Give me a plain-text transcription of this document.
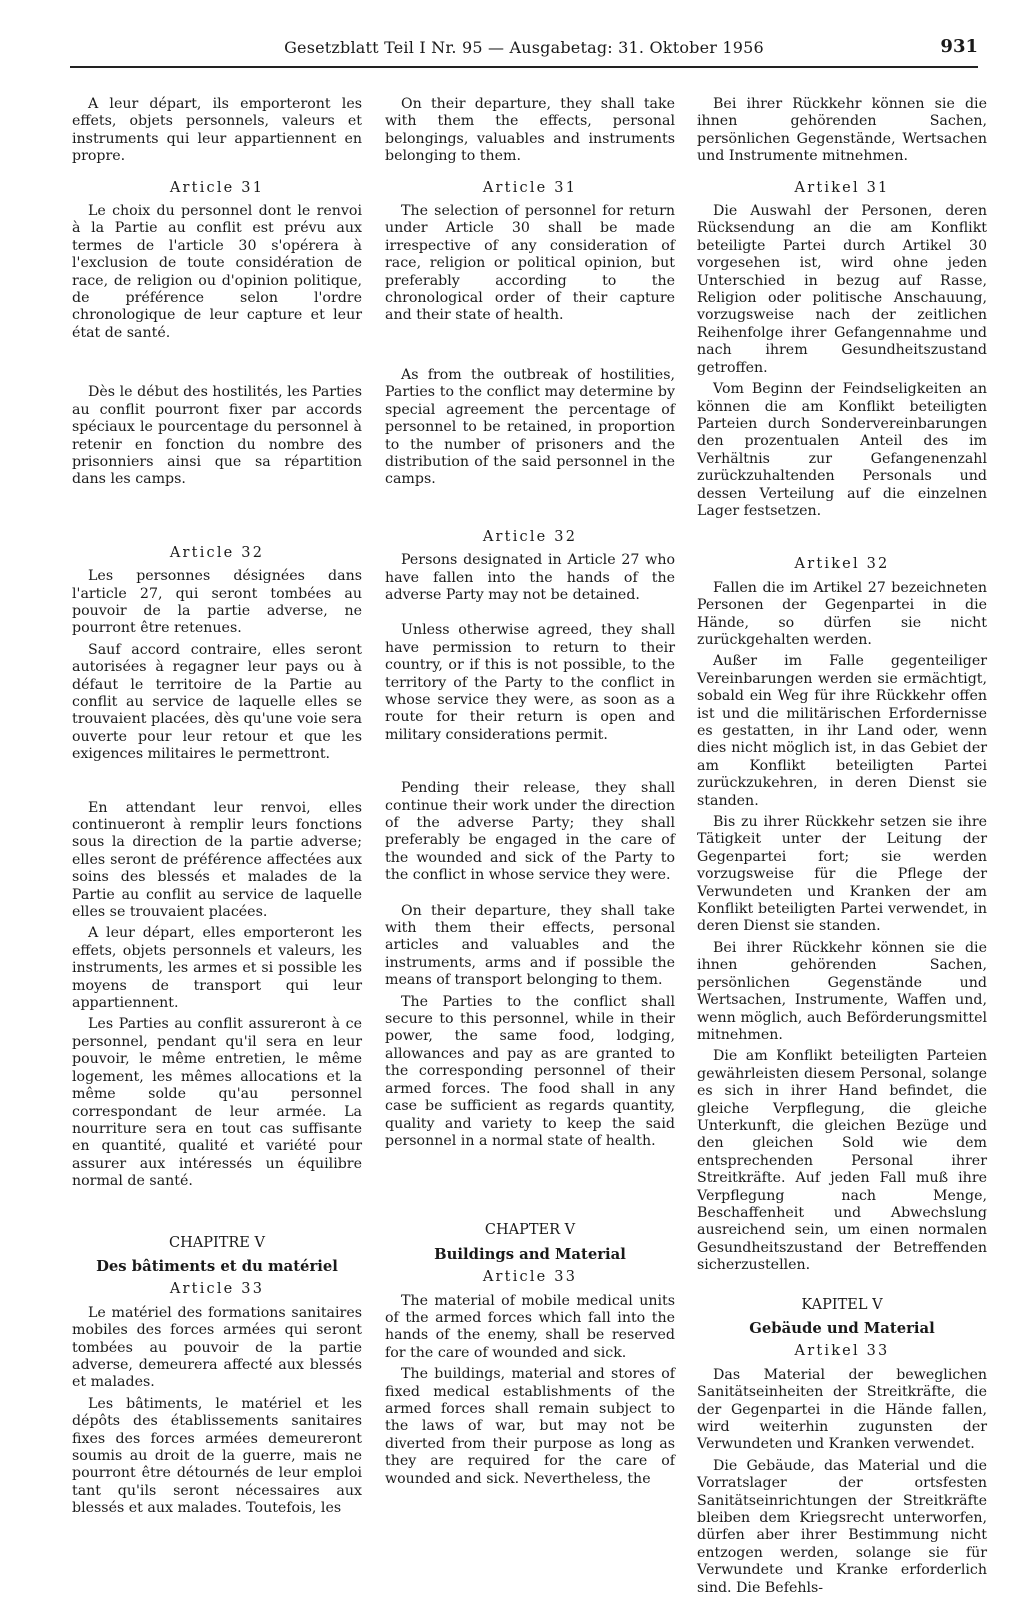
Gesetzblatt Teil I Nr. 95 — Ausgabetag: 31. Oktober 1956	931

A leur départ, ils emporteront les effets, objets personnels, valeurs et instruments qui leur appartiennent en propre.

Article 31

Le choix du personnel dont le renvoi à la Partie au conflit est prévu aux termes de l'article 30 s'opérera à l'exclusion de toute considération de race, de religion ou d'opinion politique, de préférence selon l'ordre chronologique de leur capture et leur état de santé.

Dès le début des hostilités, les Parties au conflit pourront fixer par accords spéciaux le pourcentage du personnel à retenir en fonction du nombre des prisonniers ainsi que sa répartition dans les camps.

Article 32

Les personnes désignées dans l'article 27, qui seront tombées au pouvoir de la partie adverse, ne pourront être retenues.

Sauf accord contraire, elles seront autorisées à regagner leur pays ou à défaut le territoire de la Partie au conflit au service de laquelle elles se trouvaient placées, dès qu'une voie sera ouverte pour leur retour et que les exigences militaires le permettront.

En attendant leur renvoi, elles continueront à remplir leurs fonctions sous la direction de la partie adverse; elles seront de préférence affectées aux soins des blessés et malades de la Partie au conflit au service de laquelle elles se trouvaient placées.

A leur départ, elles emporteront les effets, objets personnels et valeurs, les instruments, les armes et si possible les moyens de transport qui leur appartiennent.

Les Parties au conflit assureront à ce personnel, pendant qu'il sera en leur pouvoir, le même entretien, le même logement, les mêmes allocations et la même solde qu'au personnel correspondant de leur armée. La nourriture sera en tout cas suffisante en quantité, qualité et variété pour assurer aux intéressés un équilibre normal de santé.

CHAPITRE V
Des bâtiments et du matériel
Article 33

Le matériel des formations sanitaires mobiles des forces armées qui seront tombées au pouvoir de la partie adverse, demeurera affecté aux blessés et malades.

Les bâtiments, le matériel et les dépôts des établissements sanitaires fixes des forces armées demeureront soumis au droit de la guerre, mais ne pourront être détournés de leur emploi tant qu'ils seront nécessaires aux blessés et aux malades. Toutefois, les

On their departure, they shall take with them the effects, personal belongings, valuables and instruments belonging to them.

Article 31

The selection of personnel for return under Article 30 shall be made irrespective of any consideration of race, religion or political opinion, but preferably according to the chronological order of their capture and their state of health.

As from the outbreak of hostilities, Parties to the conflict may determine by special agreement the percentage of personnel to be retained, in proportion to the number of prisoners and the distribution of the said personnel in the camps.

Article 32

Persons designated in Article 27 who have fallen into the hands of the adverse Party may not be detained.

Unless otherwise agreed, they shall have permission to return to their country, or if this is not possible, to the territory of the Party to the conflict in whose service they were, as soon as a route for their return is open and military considerations permit.

Pending their release, they shall continue their work under the direction of the adverse Party; they shall preferably be engaged in the care of the wounded and sick of the Party to the conflict in whose service they were.

On their departure, they shall take with them their effects, personal articles and valuables and the instruments, arms and if possible the means of transport belonging to them.

The Parties to the conflict shall secure to this personnel, while in their power, the same food, lodging, allowances and pay as are granted to the corresponding personnel of their armed forces. The food shall in any case be sufficient as regards quantity, quality and variety to keep the said personnel in a normal state of health.

CHAPTER V
Buildings and Material
Article 33

The material of mobile medical units of the armed forces which fall into the hands of the enemy, shall be reserved for the care of wounded and sick.

The buildings, material and stores of fixed medical establishments of the armed forces shall remain subject to the laws of war, but may not be diverted from their purpose as long as they are required for the care of wounded and sick. Nevertheless, the

Bei ihrer Rückkehr können sie die ihnen gehörenden Sachen, persönlichen Gegenstände, Wertsachen und Instrumente mitnehmen.

Artikel 31

Die Auswahl der Personen, deren Rücksendung an die am Konflikt beteiligte Partei durch Artikel 30 vorgesehen ist, wird ohne jeden Unterschied in bezug auf Rasse, Religion oder politische Anschauung, vorzugsweise nach der zeitlichen Reihenfolge ihrer Gefangennahme und nach ihrem Gesundheitszustand getroffen.

Vom Beginn der Feindseligkeiten an können die am Konflikt beteiligten Parteien durch Sondervereinbarungen den prozentualen Anteil des im Verhältnis zur Gefangenenzahl zurückzuhaltenden Personals und dessen Verteilung auf die einzelnen Lager festsetzen.

Artikel 32

Fallen die im Artikel 27 bezeichneten Personen der Gegenpartei in die Hände, so dürfen sie nicht zurückgehalten werden.

Außer im Falle gegenteiliger Vereinbarungen werden sie ermächtigt, sobald ein Weg für ihre Rückkehr offen ist und die militärischen Erfordernisse es gestatten, in ihr Land oder, wenn dies nicht möglich ist, in das Gebiet der am Konflikt beteiligten Partei zurückzukehren, in deren Dienst sie standen.

Bis zu ihrer Rückkehr setzen sie ihre Tätigkeit unter der Leitung der Gegenpartei fort; sie werden vorzugsweise für die Pflege der Verwundeten und Kranken der am Konflikt beteiligten Partei verwendet, in deren Dienst sie standen.

Bei ihrer Rückkehr können sie die ihnen gehörenden Sachen, persönlichen Gegenstände und Wertsachen, Instrumente, Waffen und, wenn möglich, auch Beförderungsmittel mitnehmen.

Die am Konflikt beteiligten Parteien gewährleisten diesem Personal, solange es sich in ihrer Hand befindet, die gleiche Verpflegung, die gleiche Unterkunft, die gleichen Bezüge und den gleichen Sold wie dem entsprechenden Personal ihrer Streitkräfte. Auf jeden Fall muß ihre Verpflegung nach Menge, Beschaffenheit und Abwechslung ausreichend sein, um einen normalen Gesundheitszustand der Betreffenden sicherzustellen.

KAPITEL V
Gebäude und Material
Artikel 33

Das Material der beweglichen Sanitätseinheiten der Streitkräfte, die der Gegenpartei in die Hände fallen, wird weiterhin zugunsten der Verwundeten und Kranken verwendet.

Die Gebäude, das Material und die Vorratslager der ortsfesten Sanitätseinrichtungen der Streitkräfte bleiben dem Kriegsrecht unterworfen, dürfen aber ihrer Bestimmung nicht entzogen werden, solange sie für Verwundete und Kranke erforderlich sind. Die Befehls-
